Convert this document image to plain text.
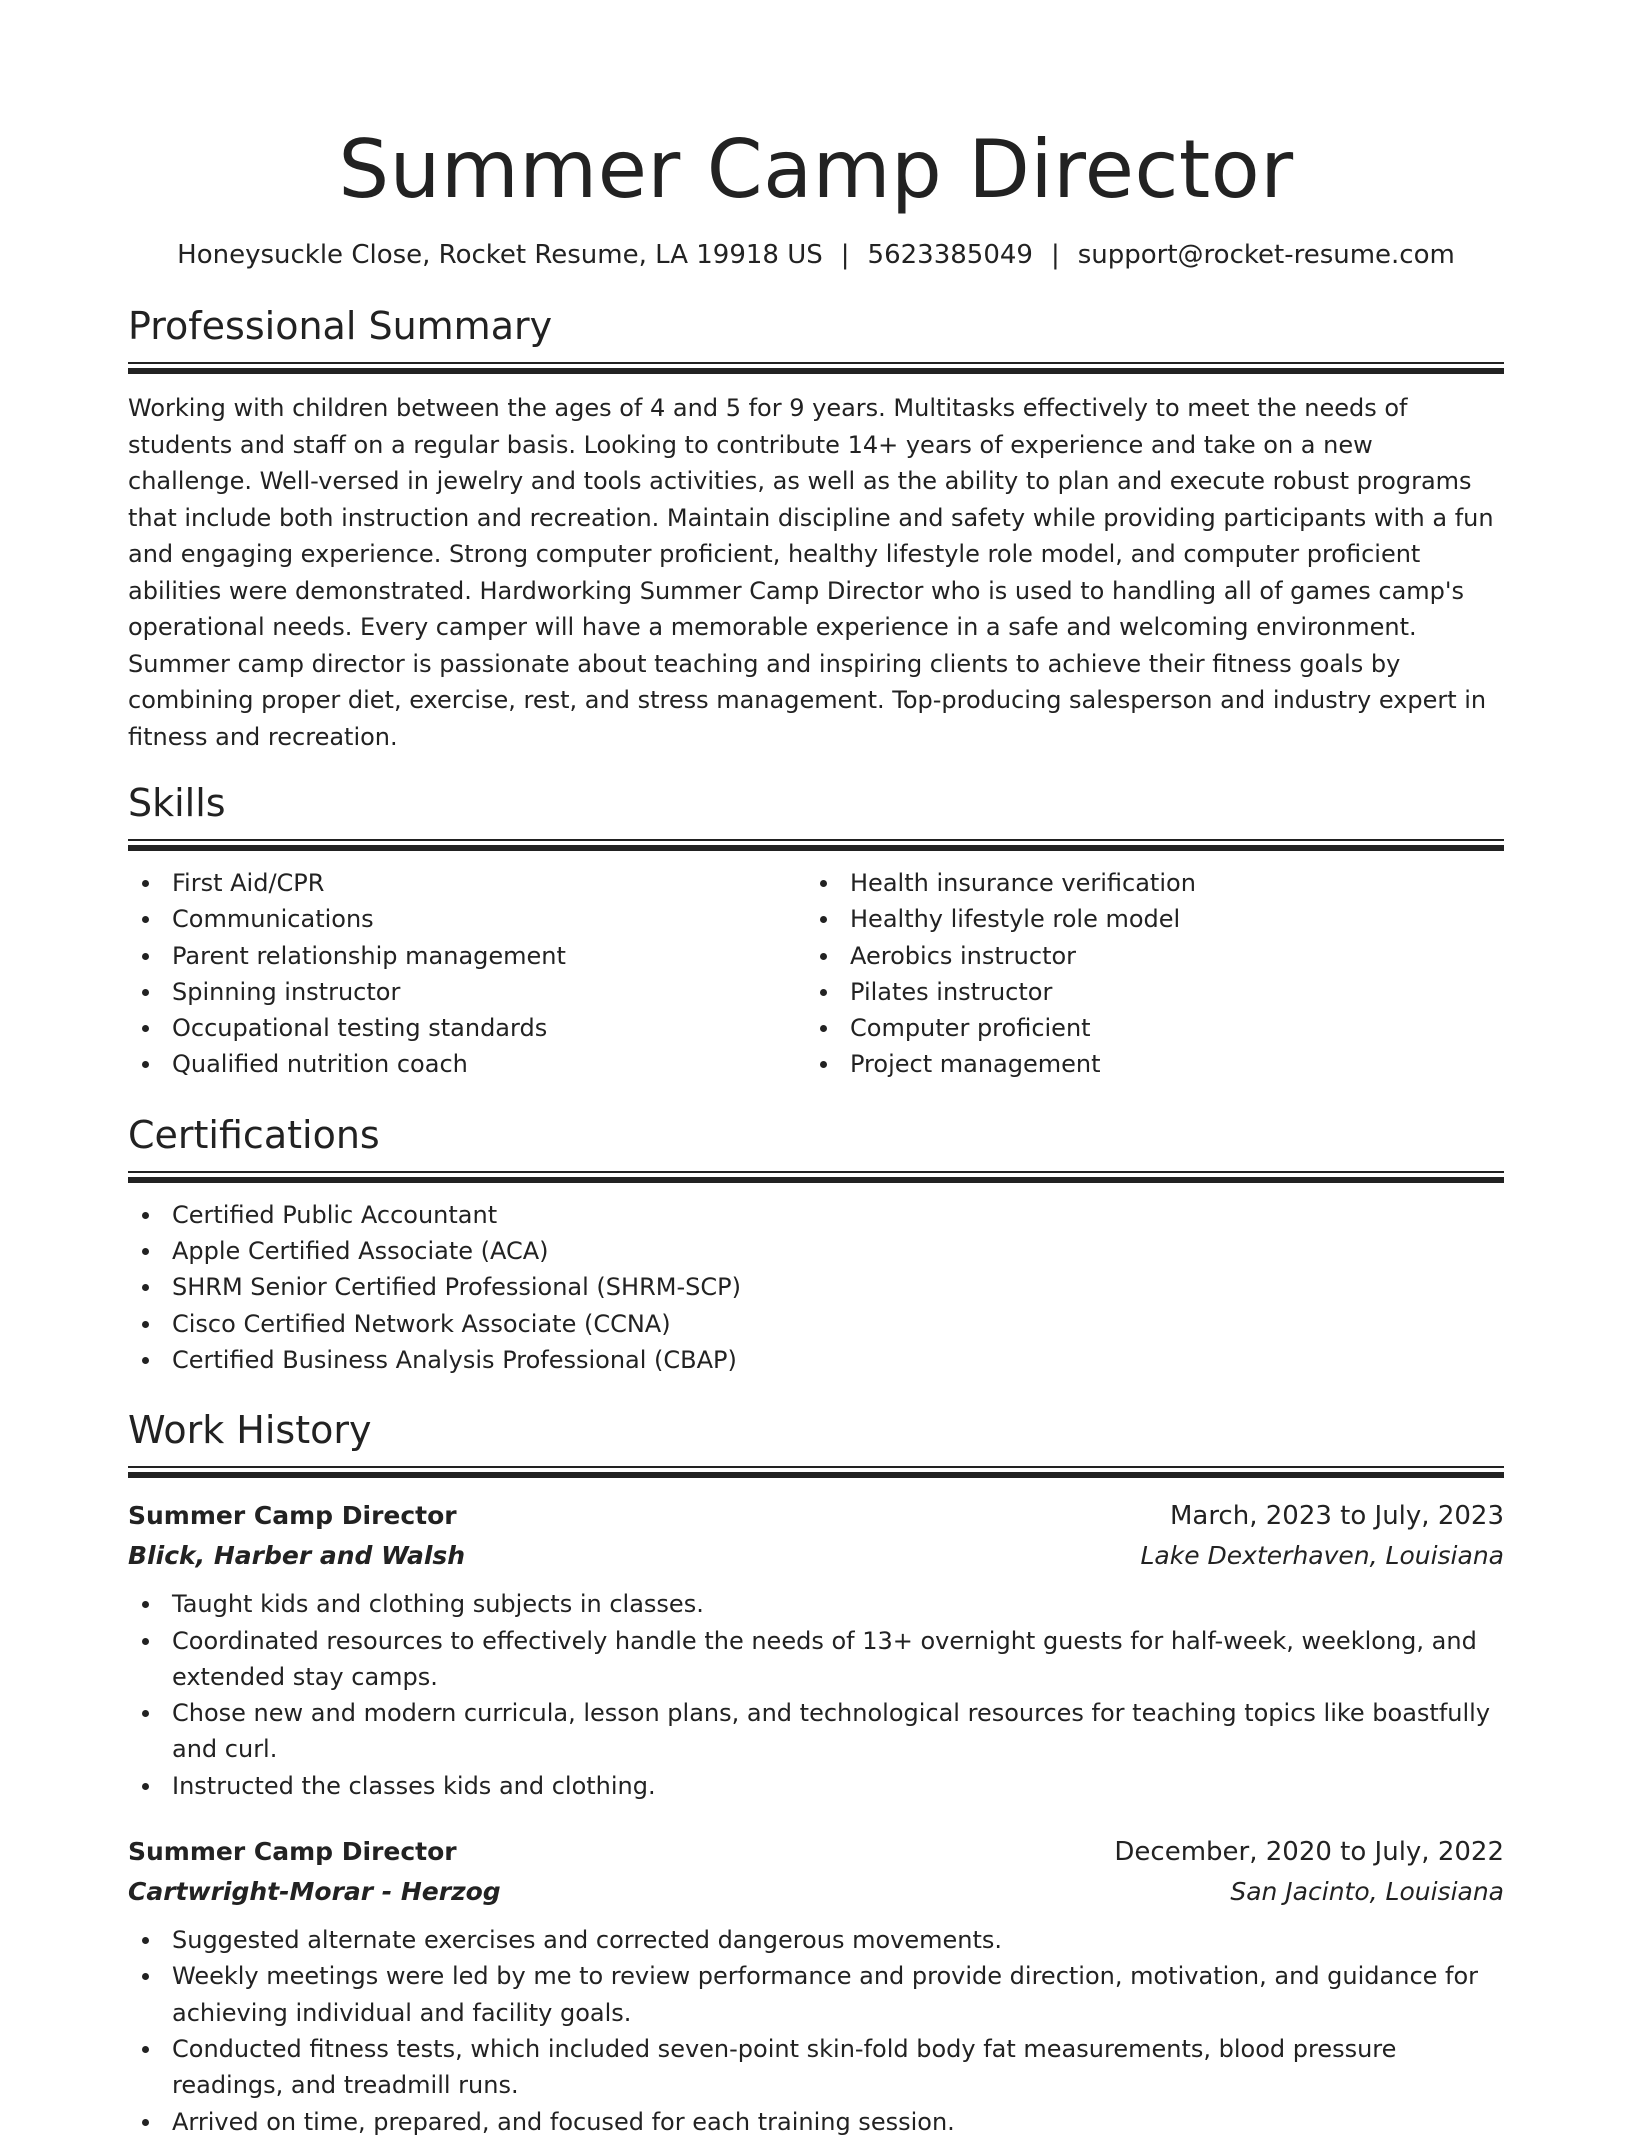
Summer Camp Director
Honeysuckle Close, Rocket Resume, LA 19918 US | 5623385049 | support@rocket-resume.com
Professional Summary

Working with children between the ages of 4 and 5 for 9 years. Multitasks effectively to meet the needs of students and staff on a regular basis. Looking to contribute 14+ years of experience and take on a new challenge. Well-versed in jewelry and tools activities, as well as the ability to plan and execute robust programs that include both instruction and recreation. Maintain discipline and safety while providing participants with a fun and engaging experience. Strong computer proficient, healthy lifestyle role model, and computer proficient abilities were demonstrated. Hardworking Summer Camp Director who is used to handling all of games camp's operational needs. Every camper will have a memorable experience in a safe and welcoming environment. Summer camp director is passionate about teaching and inspiring clients to achieve their fitness goals by combining proper diet, exercise, rest, and stress management. Top-producing salesperson and industry expert in fitness and recreation.

Skills
First Aid/CPR
Communications
Parent relationship management
Spinning instructor
Occupational testing standards
Qualified nutrition coach
Health insurance verification
Healthy lifestyle role model
Aerobics instructor
Pilates instructor
Computer proficient
Project management
Certifications
Certified Public Accountant
Apple Certified Associate (ACA)
SHRM Senior Certified Professional (SHRM-SCP)
Cisco Certified Network Associate (CCNA)
Certified Business Analysis Professional (CBAP)
Work History
Summer Camp Director	March, 2023 to July, 2023
Blick, Harber and Walsh	Lake Dexterhaven, Louisiana
Taught kids and clothing subjects in classes.
Coordinated resources to effectively handle the needs of 13+ overnight guests for half-week, weeklong, and extended stay camps.
Chose new and modern curricula, lesson plans, and technological resources for teaching topics like boastfully and curl.
Instructed the classes kids and clothing.
Summer Camp Director	December, 2020 to July, 2022
Cartwright-Morar - Herzog	San Jacinto, Louisiana
Suggested alternate exercises and corrected dangerous movements.
Weekly meetings were led by me to review performance and provide direction, motivation, and guidance for achieving individual and facility goals.
Conducted fitness tests, which included seven-point skin-fold body fat measurements, blood pressure readings, and treadmill runs.
Arrived on time, prepared, and focused for each training session.
